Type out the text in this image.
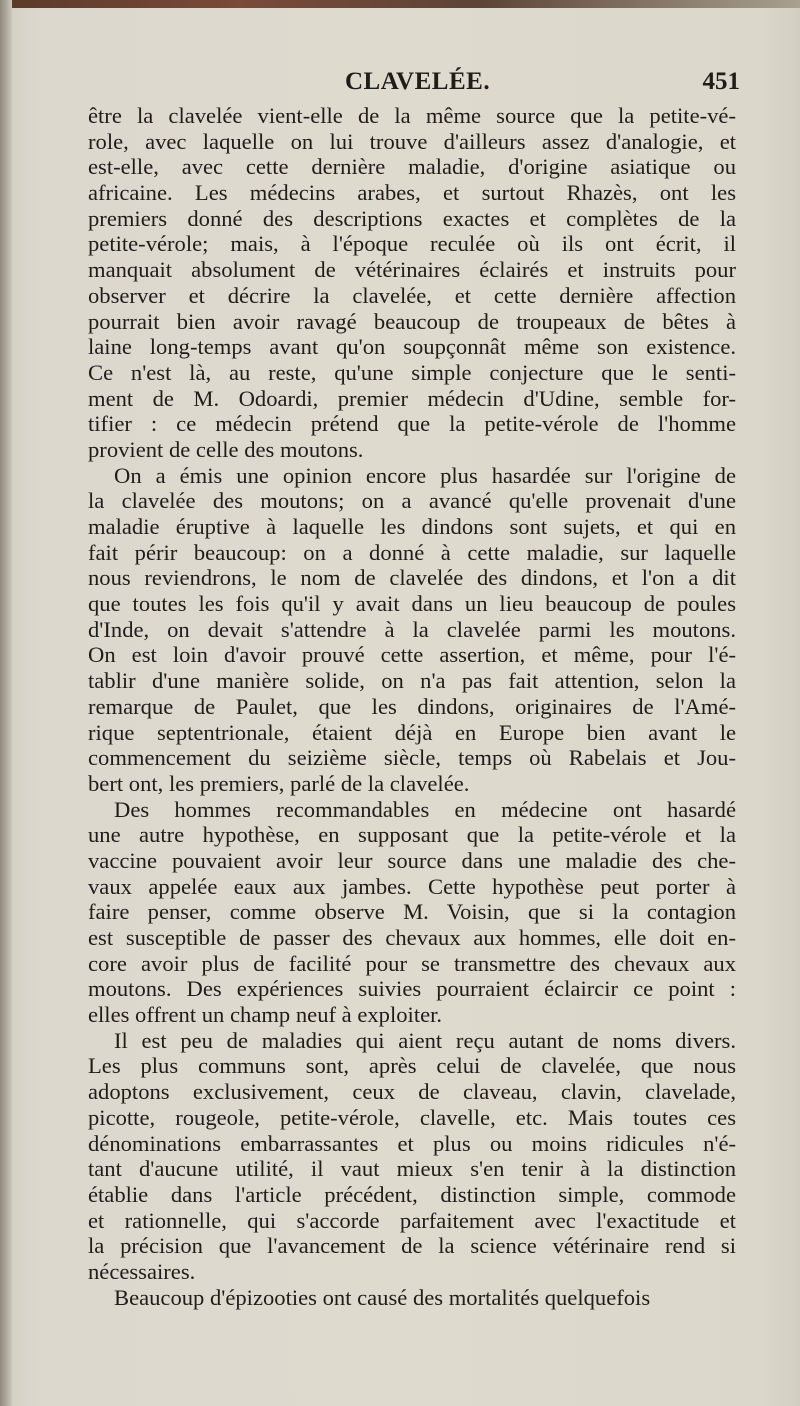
CLAVELÉE.	451
être la clavelée vient-elle de la même source que la petite-vé-
role, avec laquelle on lui trouve d'ailleurs assez d'analogie, et
est-elle, avec cette dernière maladie, d'origine asiatique ou
africaine. Les médecins arabes, et surtout Rhazès, ont les
premiers donné des descriptions exactes et complètes de la
petite-vérole; mais, à l'époque reculée où ils ont écrit, il
manquait absolument de vétérinaires éclairés et instruits pour
observer et décrire la clavelée, et cette dernière affection
pourrait bien avoir ravagé beaucoup de troupeaux de bêtes à
laine long-temps avant qu'on soupçonnât même son existence.
Ce n'est là, au reste, qu'une simple conjecture que le senti-
ment de M. Odoardi, premier médecin d'Udine, semble for-
tifier : ce médecin prétend que la petite-vérole de l'homme
provient de celle des moutons.
On a émis une opinion encore plus hasardée sur l'origine de
la clavelée des moutons; on a avancé qu'elle provenait d'une
maladie éruptive à laquelle les dindons sont sujets, et qui en
fait périr beaucoup: on a donné à cette maladie, sur laquelle
nous reviendrons, le nom de clavelée des dindons, et l'on a dit
que toutes les fois qu'il y avait dans un lieu beaucoup de poules
d'Inde, on devait s'attendre à la clavelée parmi les moutons.
On est loin d'avoir prouvé cette assertion, et même, pour l'é-
tablir d'une manière solide, on n'a pas fait attention, selon la
remarque de Paulet, que les dindons, originaires de l'Amé-
rique septentrionale, étaient déjà en Europe bien avant le
commencement du seizième siècle, temps où Rabelais et Jou-
bert ont, les premiers, parlé de la clavelée.
Des hommes recommandables en médecine ont hasardé
une autre hypothèse, en supposant que la petite-vérole et la
vaccine pouvaient avoir leur source dans une maladie des che-
vaux appelée eaux aux jambes. Cette hypothèse peut porter à
faire penser, comme observe M. Voisin, que si la contagion
est susceptible de passer des chevaux aux hommes, elle doit en-
core avoir plus de facilité pour se transmettre des chevaux aux
moutons. Des expériences suivies pourraient éclaircir ce point :
elles offrent un champ neuf à exploiter.
Il est peu de maladies qui aient reçu autant de noms divers.
Les plus communs sont, après celui de clavelée, que nous
adoptons exclusivement, ceux de claveau, clavin, clavelade,
picotte, rougeole, petite-vérole, clavelle, etc. Mais toutes ces
dénominations embarrassantes et plus ou moins ridicules n'é-
tant d'aucune utilité, il vaut mieux s'en tenir à la distinction
établie dans l'article précédent, distinction simple, commode
et rationnelle, qui s'accorde parfaitement avec l'exactitude et
la précision que l'avancement de la science vétérinaire rend si
nécessaires.
Beaucoup d'épizooties ont causé des mortalités quelquefois
